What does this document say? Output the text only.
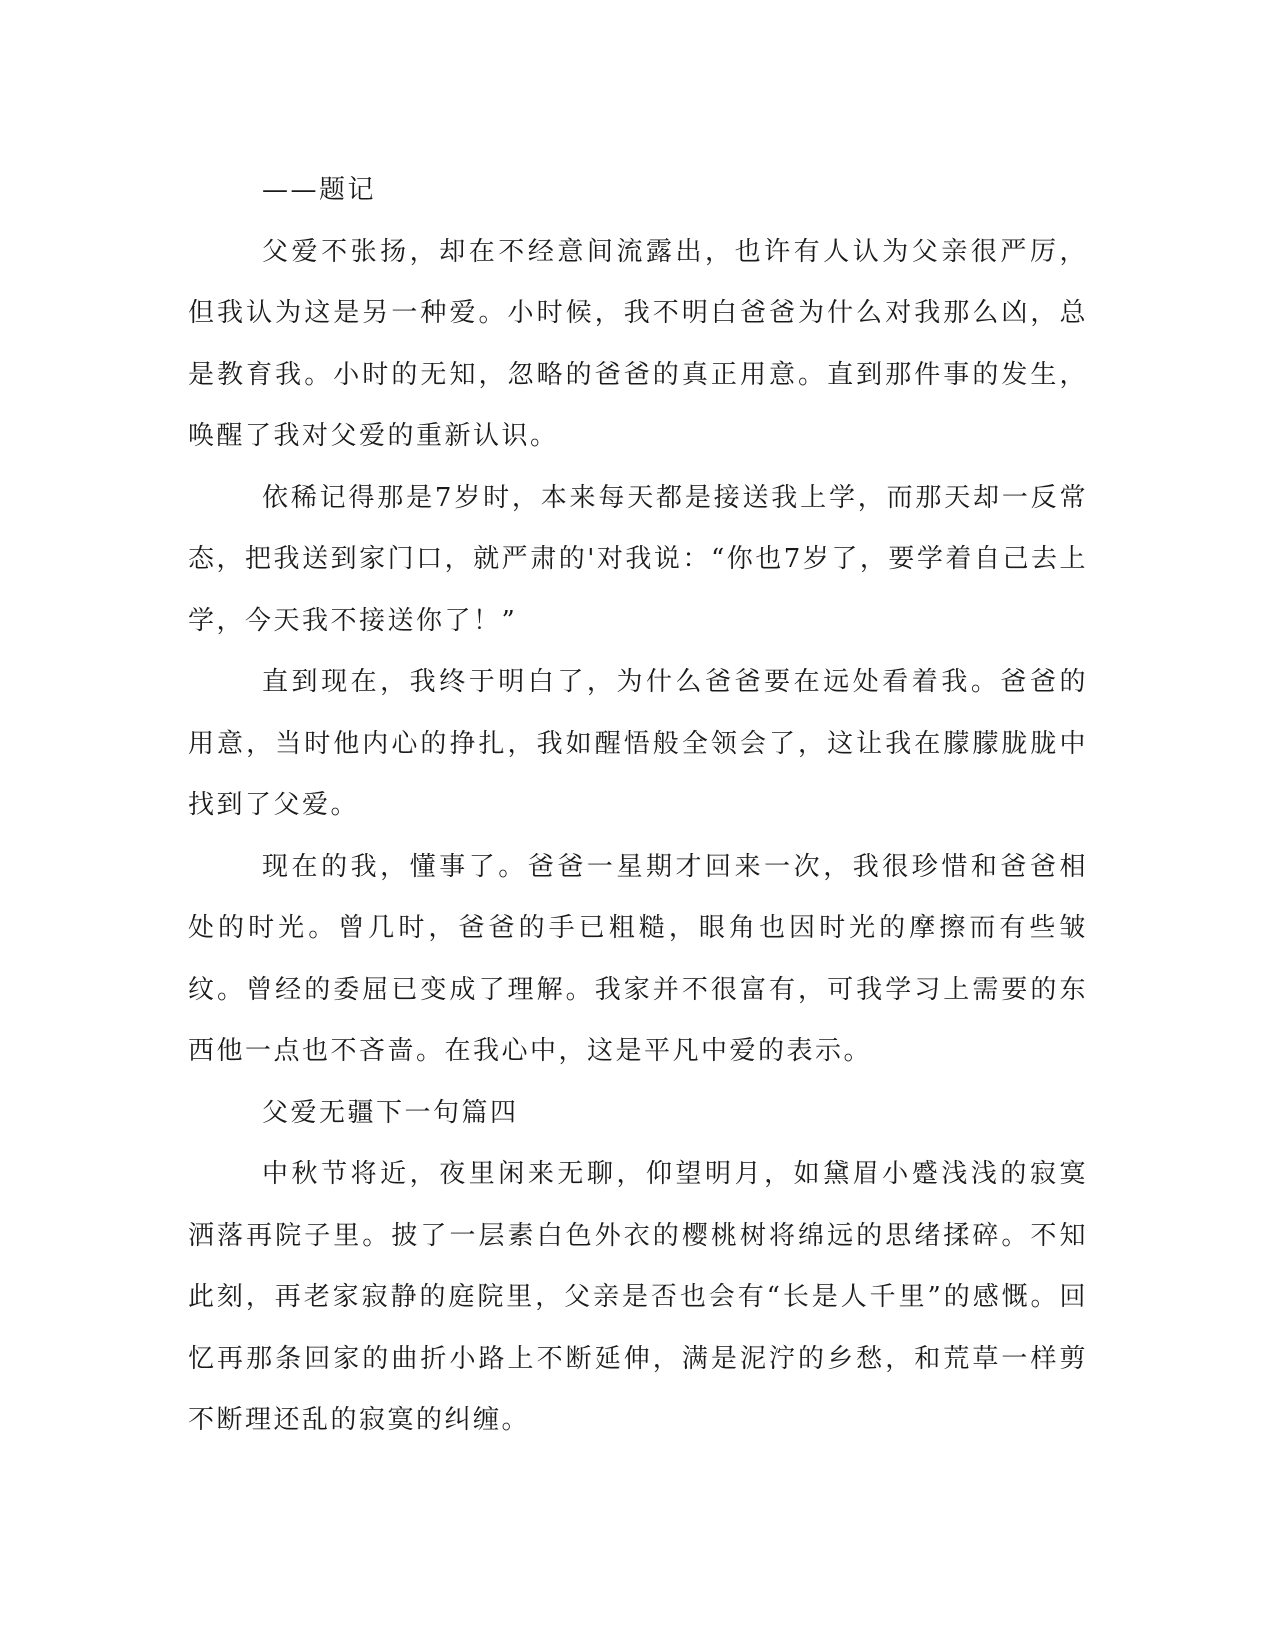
——题记

父爱不张扬，却在不经意间流露出，也许有人认为父亲很严厉，但我认为这是另一种爱。小时候，我不明白爸爸为什么对我那么凶，总是教育我。小时的无知，忽略的爸爸的真正用意。直到那件事的发生，唤醒了我对父爱的重新认识。

依稀记得那是7岁时，本来每天都是接送我上学，而那天却一反常态，把我送到家门口，就严肃的'对我说：“你也7岁了，要学着自己去上学，今天我不接送你了！”

直到现在，我终于明白了，为什么爸爸要在远处看着我。爸爸的用意，当时他内心的挣扎，我如醒悟般全领会了，这让我在朦朦胧胧中找到了父爱。

现在的我，懂事了。爸爸一星期才回来一次，我很珍惜和爸爸相处的时光。曾几时，爸爸的手已粗糙，眼角也因时光的摩擦而有些皱纹。曾经的委屈已变成了理解。我家并不很富有，可我学习上需要的东西他一点也不吝啬。在我心中，这是平凡中爱的表示。

父爱无疆下一句篇四

中秋节将近，夜里闲来无聊，仰望明月，如黛眉小蹙浅浅的寂寞洒落再院子里。披了一层素白色外衣的樱桃树将绵远的思绪揉碎。不知此刻，再老家寂静的庭院里，父亲是否也会有“长是人千里”的感慨。回忆再那条回家的曲折小路上不断延伸，满是泥泞的乡愁，和荒草一样剪不断理还乱的寂寞的纠缠。
